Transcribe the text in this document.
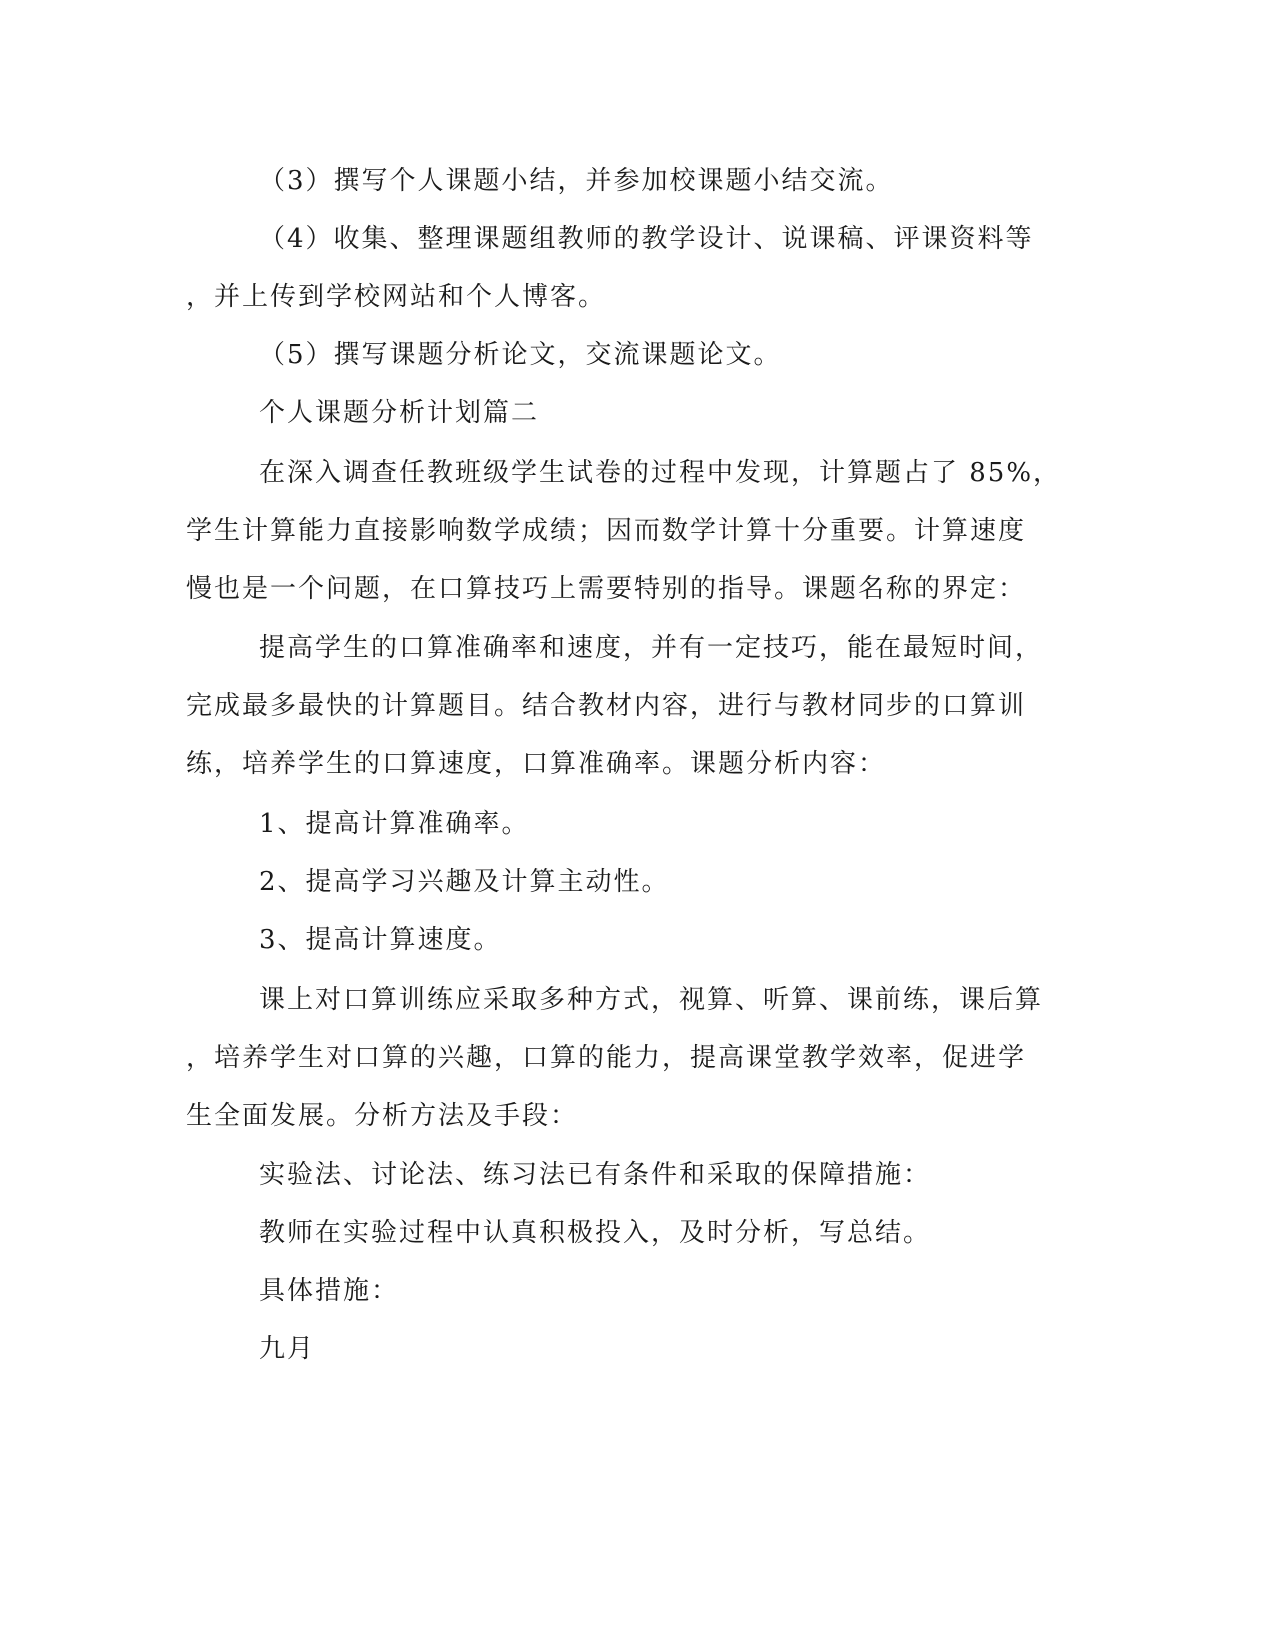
（3）撰写个人课题小结，并参加校课题小结交流。
（4）收集、整理课题组教师的教学设计、说课稿、评课资料等
，并上传到学校网站和个人博客。
（5）撰写课题分析论文，交流课题论文。
个人课题分析计划篇二
在深入调查任教班级学生试卷的过程中发现，计算题占了 85%，
学生计算能力直接影响数学成绩；因而数学计算十分重要。计算速度
慢也是一个问题，在口算技巧上需要特别的指导。课题名称的界定：
提高学生的口算准确率和速度，并有一定技巧，能在最短时间，
完成最多最快的计算题目。结合教材内容，进行与教材同步的口算训
练，培养学生的口算速度，口算准确率。课题分析内容：
1、提高计算准确率。
2、提高学习兴趣及计算主动性。
3、提高计算速度。
课上对口算训练应采取多种方式，视算、听算、课前练，课后算
，培养学生对口算的兴趣，口算的能力，提高课堂教学效率，促进学
生全面发展。分析方法及手段：
实验法、讨论法、练习法已有条件和采取的保障措施：
教师在实验过程中认真积极投入，及时分析，写总结。
具体措施：
九月
